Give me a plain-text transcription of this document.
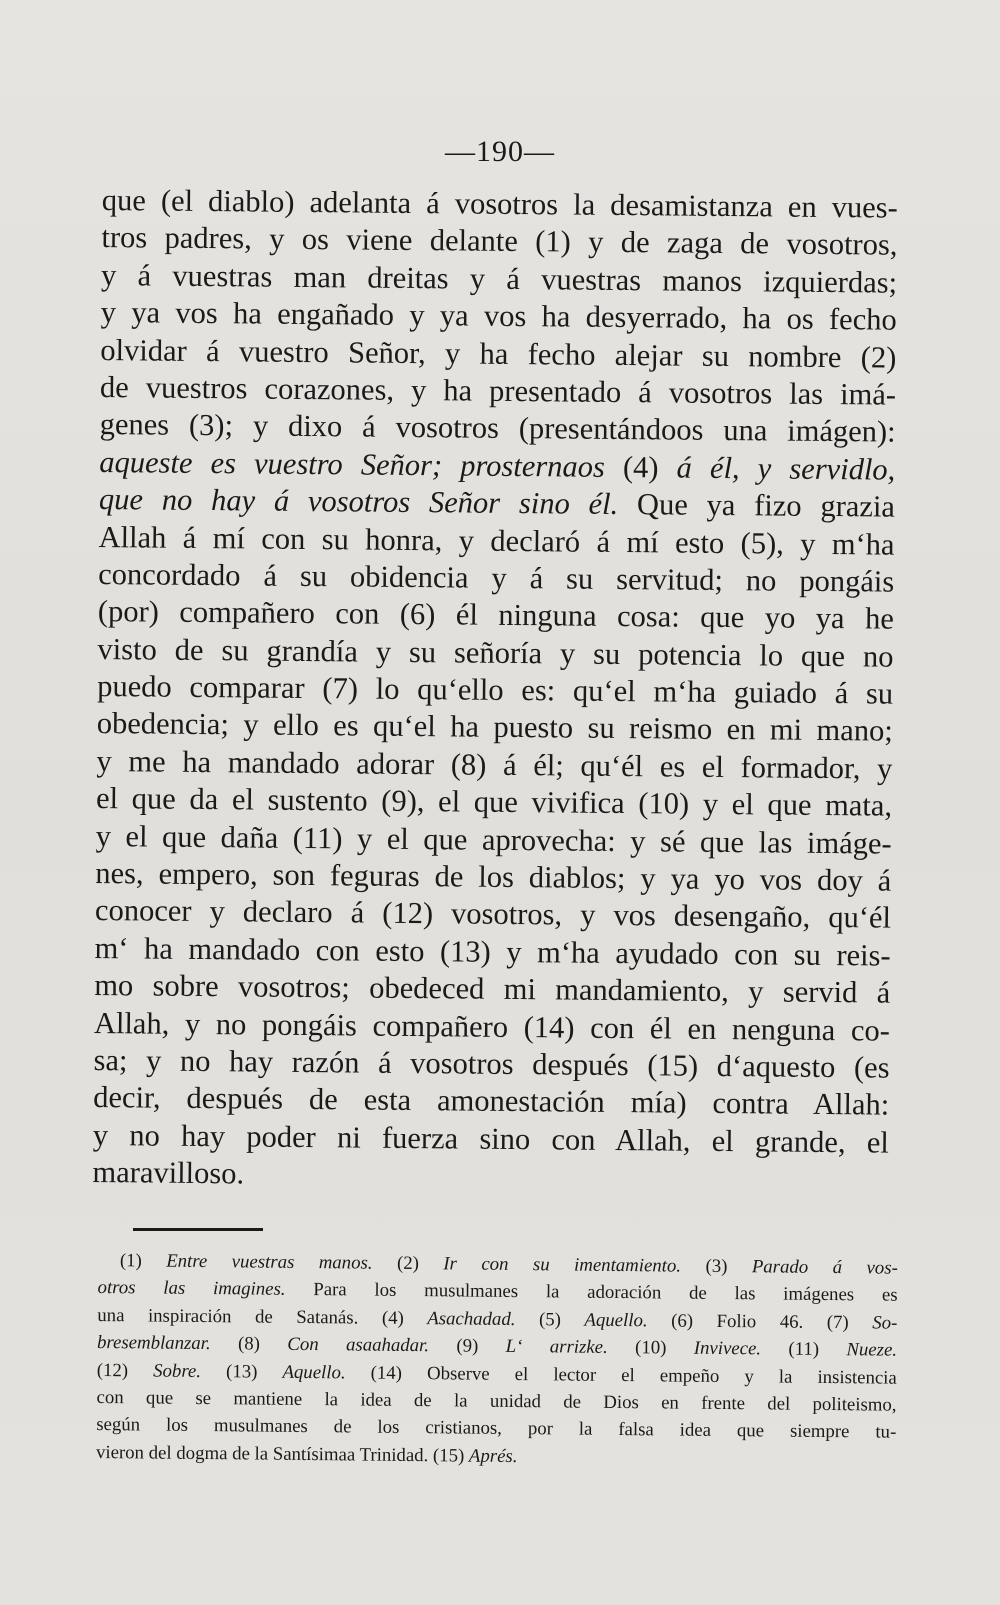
—190—
que (el diablo) adelanta á vosotros la desamistanza en vues-
tros padres, y os viene delante (1) y de zaga de vosotros,
y á vuestras man dreitas y á vuestras manos izquierdas;
y ya vos ha engañado y ya vos ha desyerrado, ha os fecho
olvidar á vuestro Señor, y ha fecho alejar su nombre (2)
de vuestros corazones, y ha presentado á vosotros las imá-
genes (3); y dixo á vosotros (presentándoos una imágen):
aqueste es vuestro Señor; prosternaos (4) á él, y servidlo,
que no hay á vosotros Señor sino él. Que ya fizo grazia
Allah á mí con su honra, y declaró á mí esto (5), y m‘ha
concordado á su obidencia y á su servitud; no pongáis
(por) compañero con (6) él ninguna cosa: que yo ya he
visto de su grandía y su señoría y su potencia lo que no
puedo comparar (7) lo qu‘ello es: qu‘el m‘ha guiado á su
obedencia; y ello es qu‘el ha puesto su reismo en mi mano;
y me ha mandado adorar (8) á él; qu‘él es el formador, y
el que da el sustento (9), el que vivifica (10) y el que mata,
y el que daña (11) y el que aprovecha: y sé que las imáge-
nes, empero, son feguras de los diablos; y ya yo vos doy á
conocer y declaro á (12) vosotros, y vos desengaño, qu‘él
m‘ ha mandado con esto (13) y m‘ha ayudado con su reis-
mo sobre vosotros; obedeced mi mandamiento, y servid á
Allah, y no pongáis compañero (14) con él en nenguna co-
sa; y no hay razón á vosotros después (15) d‘aquesto (es
decir, después de esta amonestación mía) contra Allah:
y no hay poder ni fuerza sino con Allah, el grande, el
maravilloso.
(1) Entre vuestras manos. (2) Ir con su imentamiento. (3) Parado á vos-
otros las imagines. Para los musulmanes la adoración de las imágenes es
una inspiración de Satanás. (4) Asachadad. (5) Aquello. (6) Folio 46. (7) So-
bresemblanzar. (8) Con asaahadar. (9) L‘ arrizke. (10) Invivece. (11) Nueze.
(12) Sobre. (13) Aquello. (14) Observe el lector el empeño y la insistencia
con que se mantiene la idea de la unidad de Dios en frente del politeismo,
según los musulmanes de los cristianos, por la falsa idea que siempre tu-
vieron del dogma de la Santísimaa Trinidad. (15) Aprés.
